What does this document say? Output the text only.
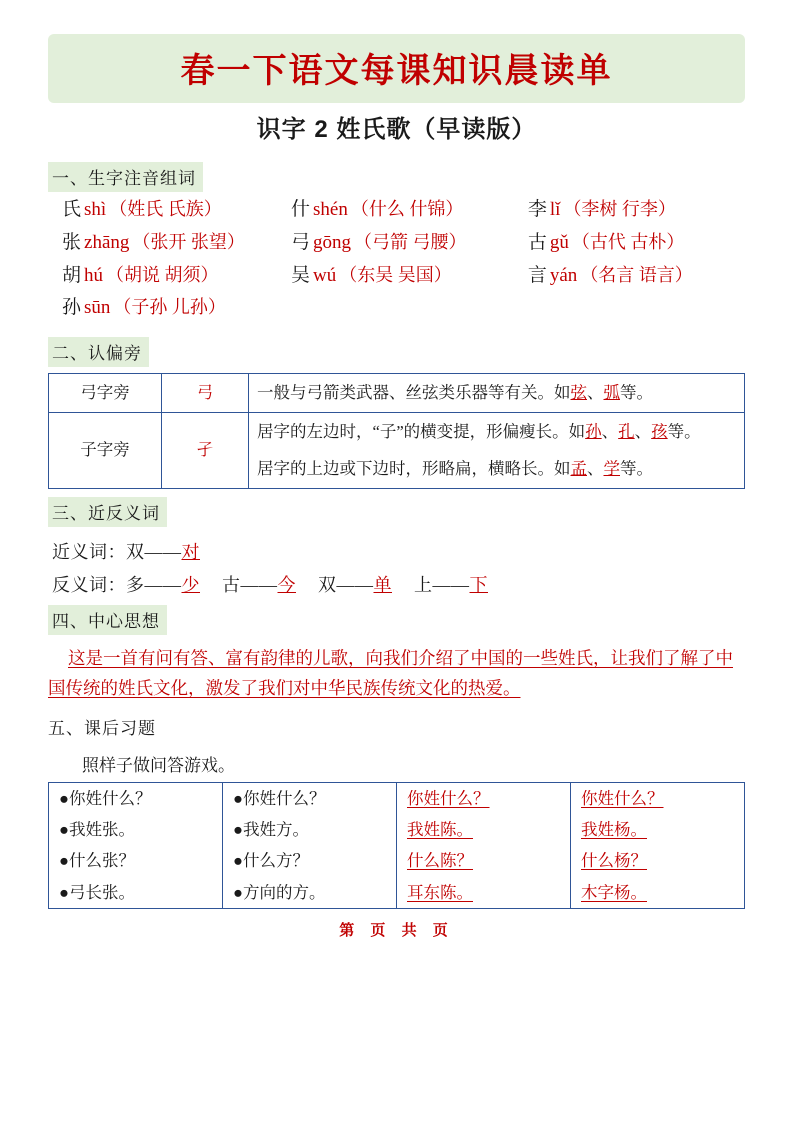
春一下语文每课知识晨读单
识字 2 姓氏歌（早读版）
一、生字注音组词
氏 shì （姓氏 氏族）	什 shén （什么 什锦）	李 lǐ （李树 行李）
张 zhāng （张开 张望）	弓 gōng （弓箭 弓腰）	古 gǔ （古代 古朴）
胡 hú （胡说 胡须）	吴 wú （东吴 吴国）	言 yán （名言 语言）
孙 sūn （子孙 儿孙）
二、认偏旁
弓字旁	弓	一般与弓箭类武器、丝弦类乐器等有关。如弦、弧等。
子字旁	孑	居字的左边时，“子”的横变提，形偏瘦长。如孙、孔、孩等。
		居字的上边或下边时，形略扁，横略长。如孟、学等。
三、近反义词
近义词：双——对
反义词：多——少 古——今 双——单 上——下
四、中心思想
这是一首有问有答、富有韵律的儿歌，向我们介绍了中国的一些姓氏，让我们了解了中国传统的姓氏文化，激发了我们对中华民族传统文化的热爱。
五、课后习题
照样子做问答游戏。
●你姓什么？
●我姓张。
●什么张？
●弓长张。

●你姓什么？
●我姓方。
●什么方？
●方向的方。

你姓什么？
我姓陈。
什么陈？
耳东陈。

你姓什么？
我姓杨。
什么杨？
木字杨。
第 页 共 页
